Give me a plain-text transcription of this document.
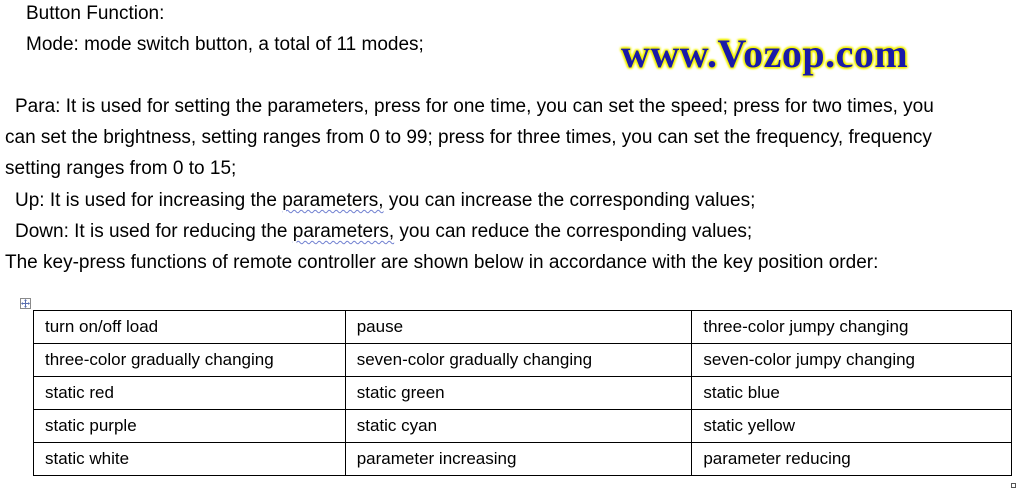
Button Function:
Mode: mode switch button, a total of 11 modes;	www.Vozop.com
Para: It is used for setting the parameters, press for one time, you can set the speed; press for two times, you
can set the brightness, setting ranges from 0 to 99; press for three times, you can set the frequency, frequency
setting ranges from 0 to 15;
Up: It is used for increasing the parameters, you can increase the corresponding values;
Down: It is used for reducing the parameters, you can reduce the corresponding values;
The key-press functions of remote controller are shown below in accordance with the key position order:
turn on/off load	pause	three-color jumpy changing
three-color gradually changing	seven-color gradually changing	seven-color jumpy changing
static red	static green	static blue
static purple	static cyan	static yellow
static white	parameter increasing	parameter reducing
